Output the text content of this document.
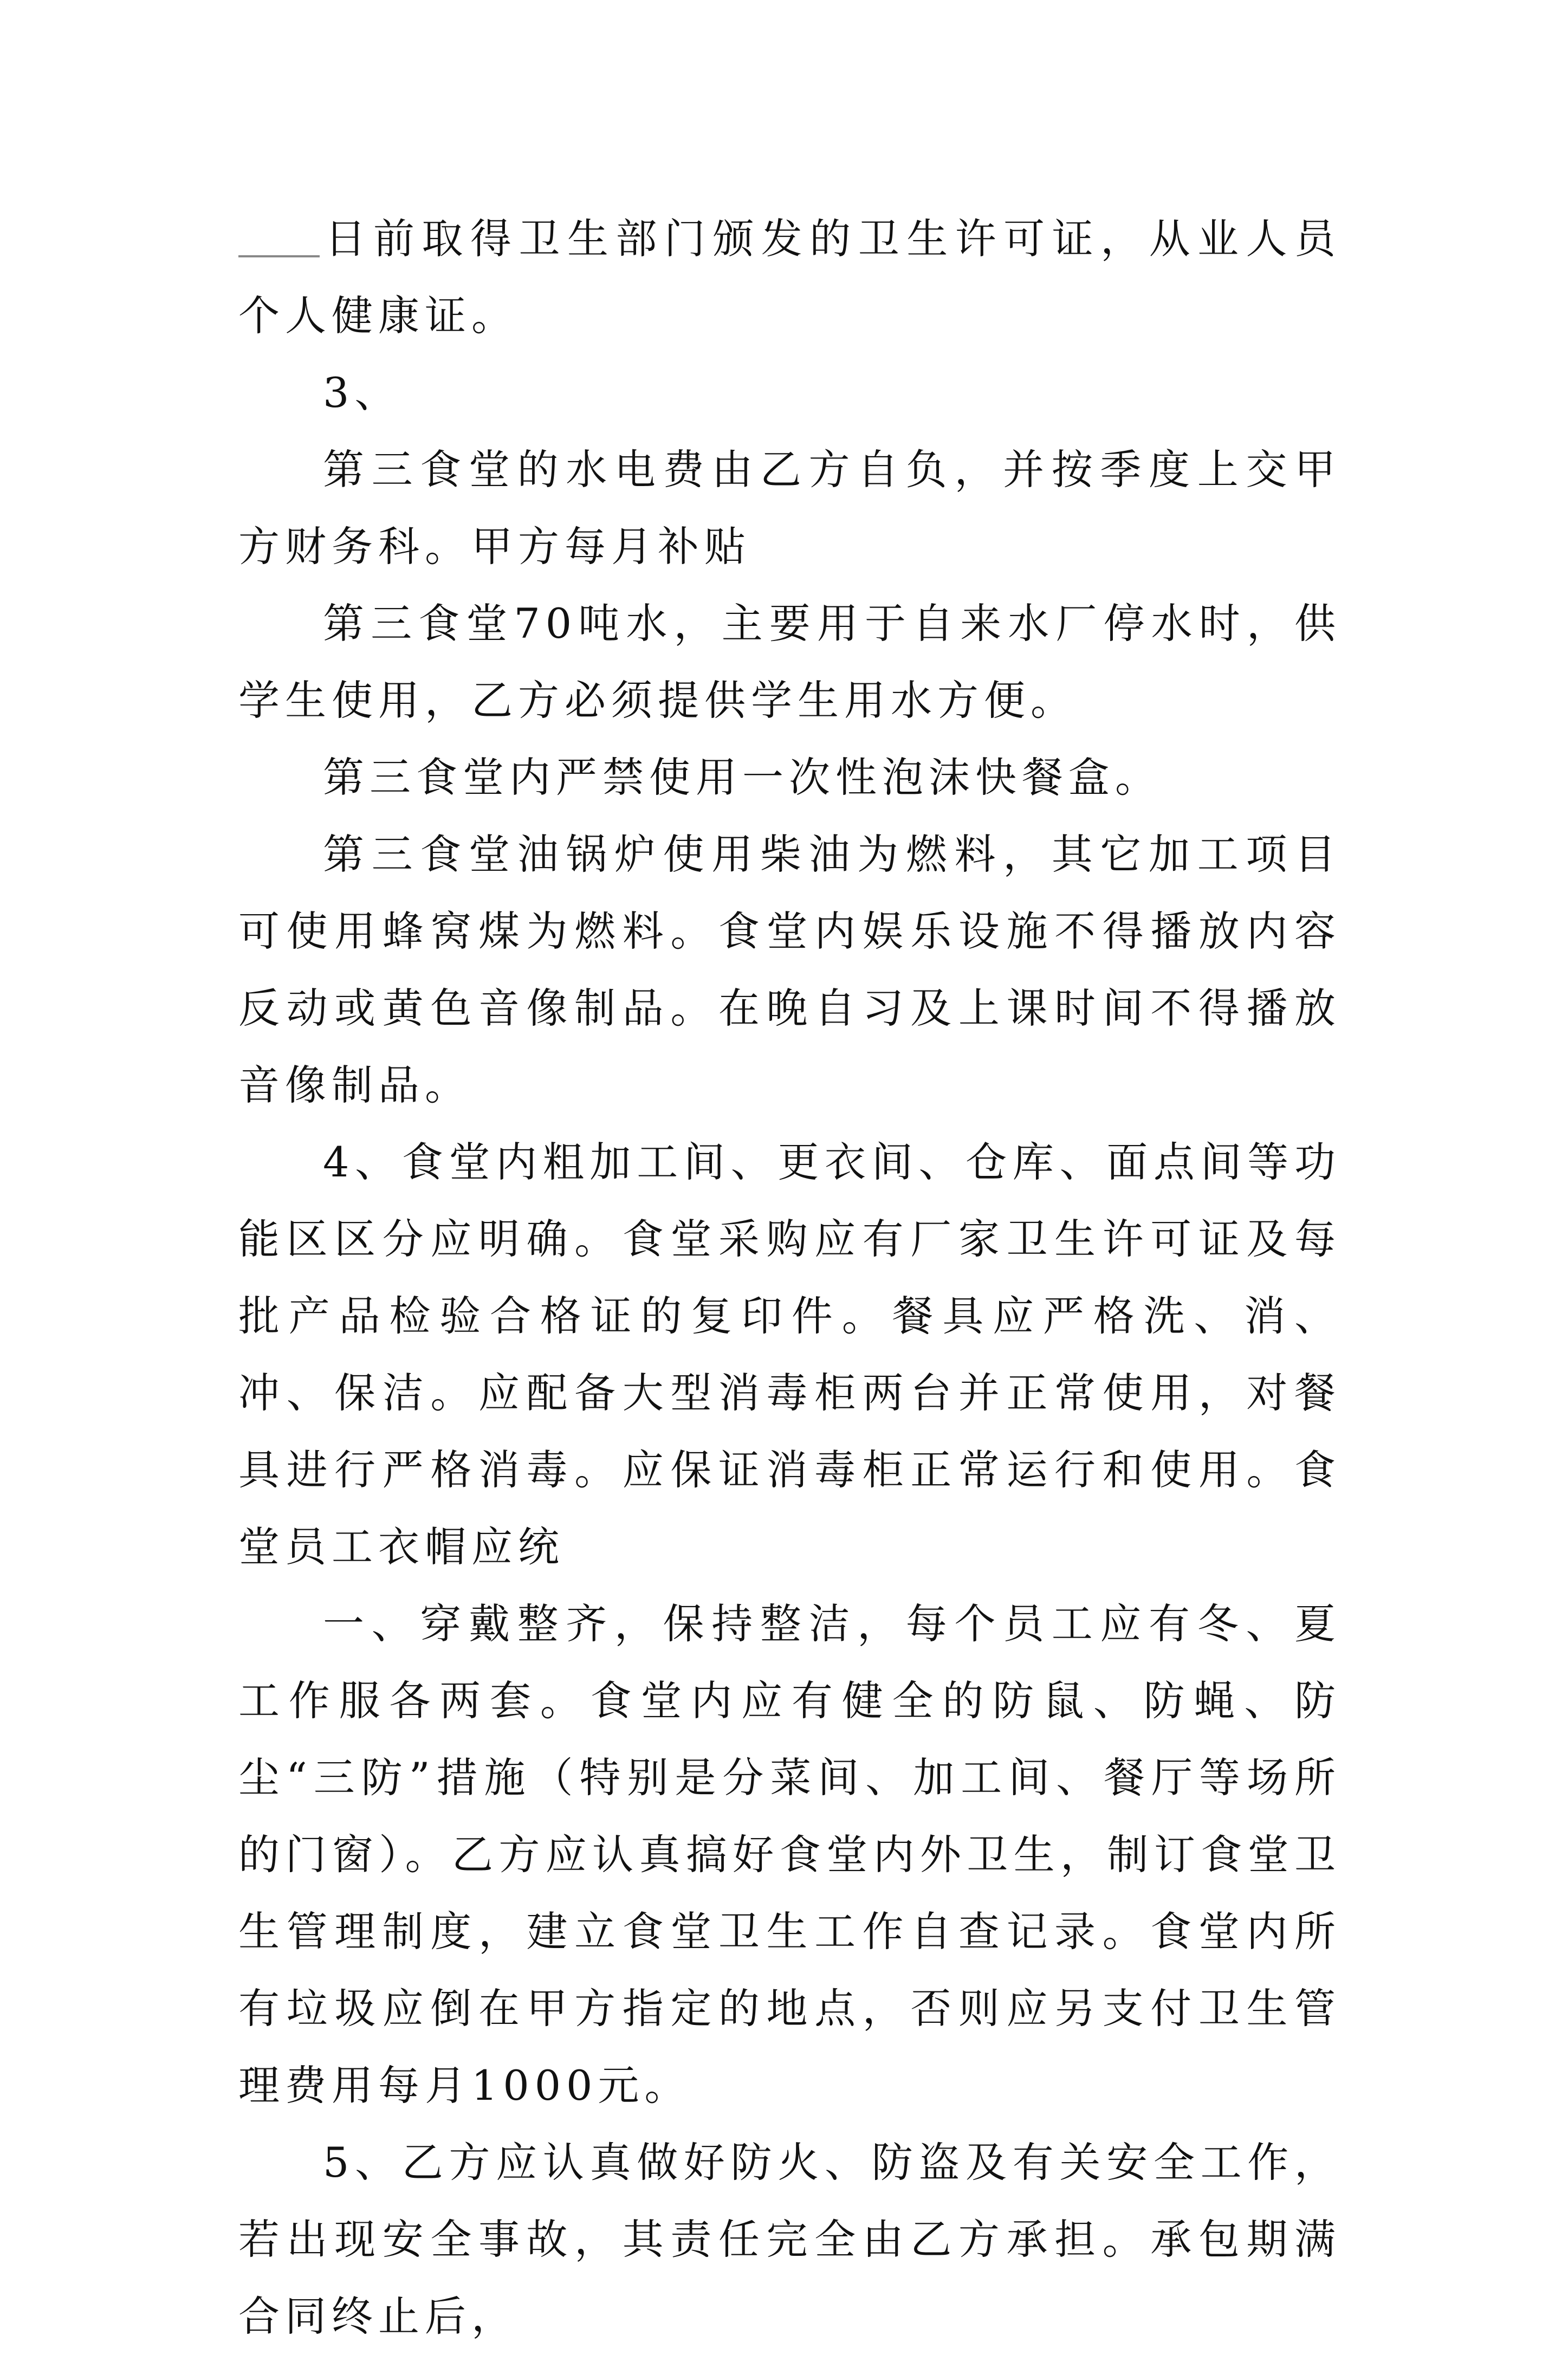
日前取得卫生部门颁发的卫生许可证，从业人员个人健康证。

3、

第三食堂的水电费由乙方自负，并按季度上交甲方财务科。甲方每月补贴

第三食堂70吨水，主要用于自来水厂停水时，供学生使用，乙方必须提供学生用水方便。

第三食堂内严禁使用一次性泡沫快餐盒。

第三食堂油锅炉使用柴油为燃料，其它加工项目可使用蜂窝煤为燃料。食堂内娱乐设施不得播放内容反动或黄色音像制品。在晚自习及上课时间不得播放音像制品。

4、食堂内粗加工间、更衣间、仓库、面点间等功能区区分应明确。食堂采购应有厂家卫生许可证及每批产品检验合格证的复印件。餐具应严格洗、消、冲、保洁。应配备大型消毒柜两台并正常使用，对餐具进行严格消毒。应保证消毒柜正常运行和使用。食堂员工衣帽应统

一、穿戴整齐，保持整洁，每个员工应有冬、夏工作服各两套。食堂内应有健全的防鼠、防蝇、防尘“三防”措施（特别是分菜间、加工间、餐厅等场所的门窗）。乙方应认真搞好食堂内外卫生，制订食堂卫生管理制度，建立食堂卫生工作自查记录。食堂内所有垃圾应倒在甲方指定的地点，否则应另支付卫生管理费用每月1000元。

5、乙方应认真做好防火、防盗及有关安全工作，若出现安全事故，其责任完全由乙方承担。承包期满合同终止后，
